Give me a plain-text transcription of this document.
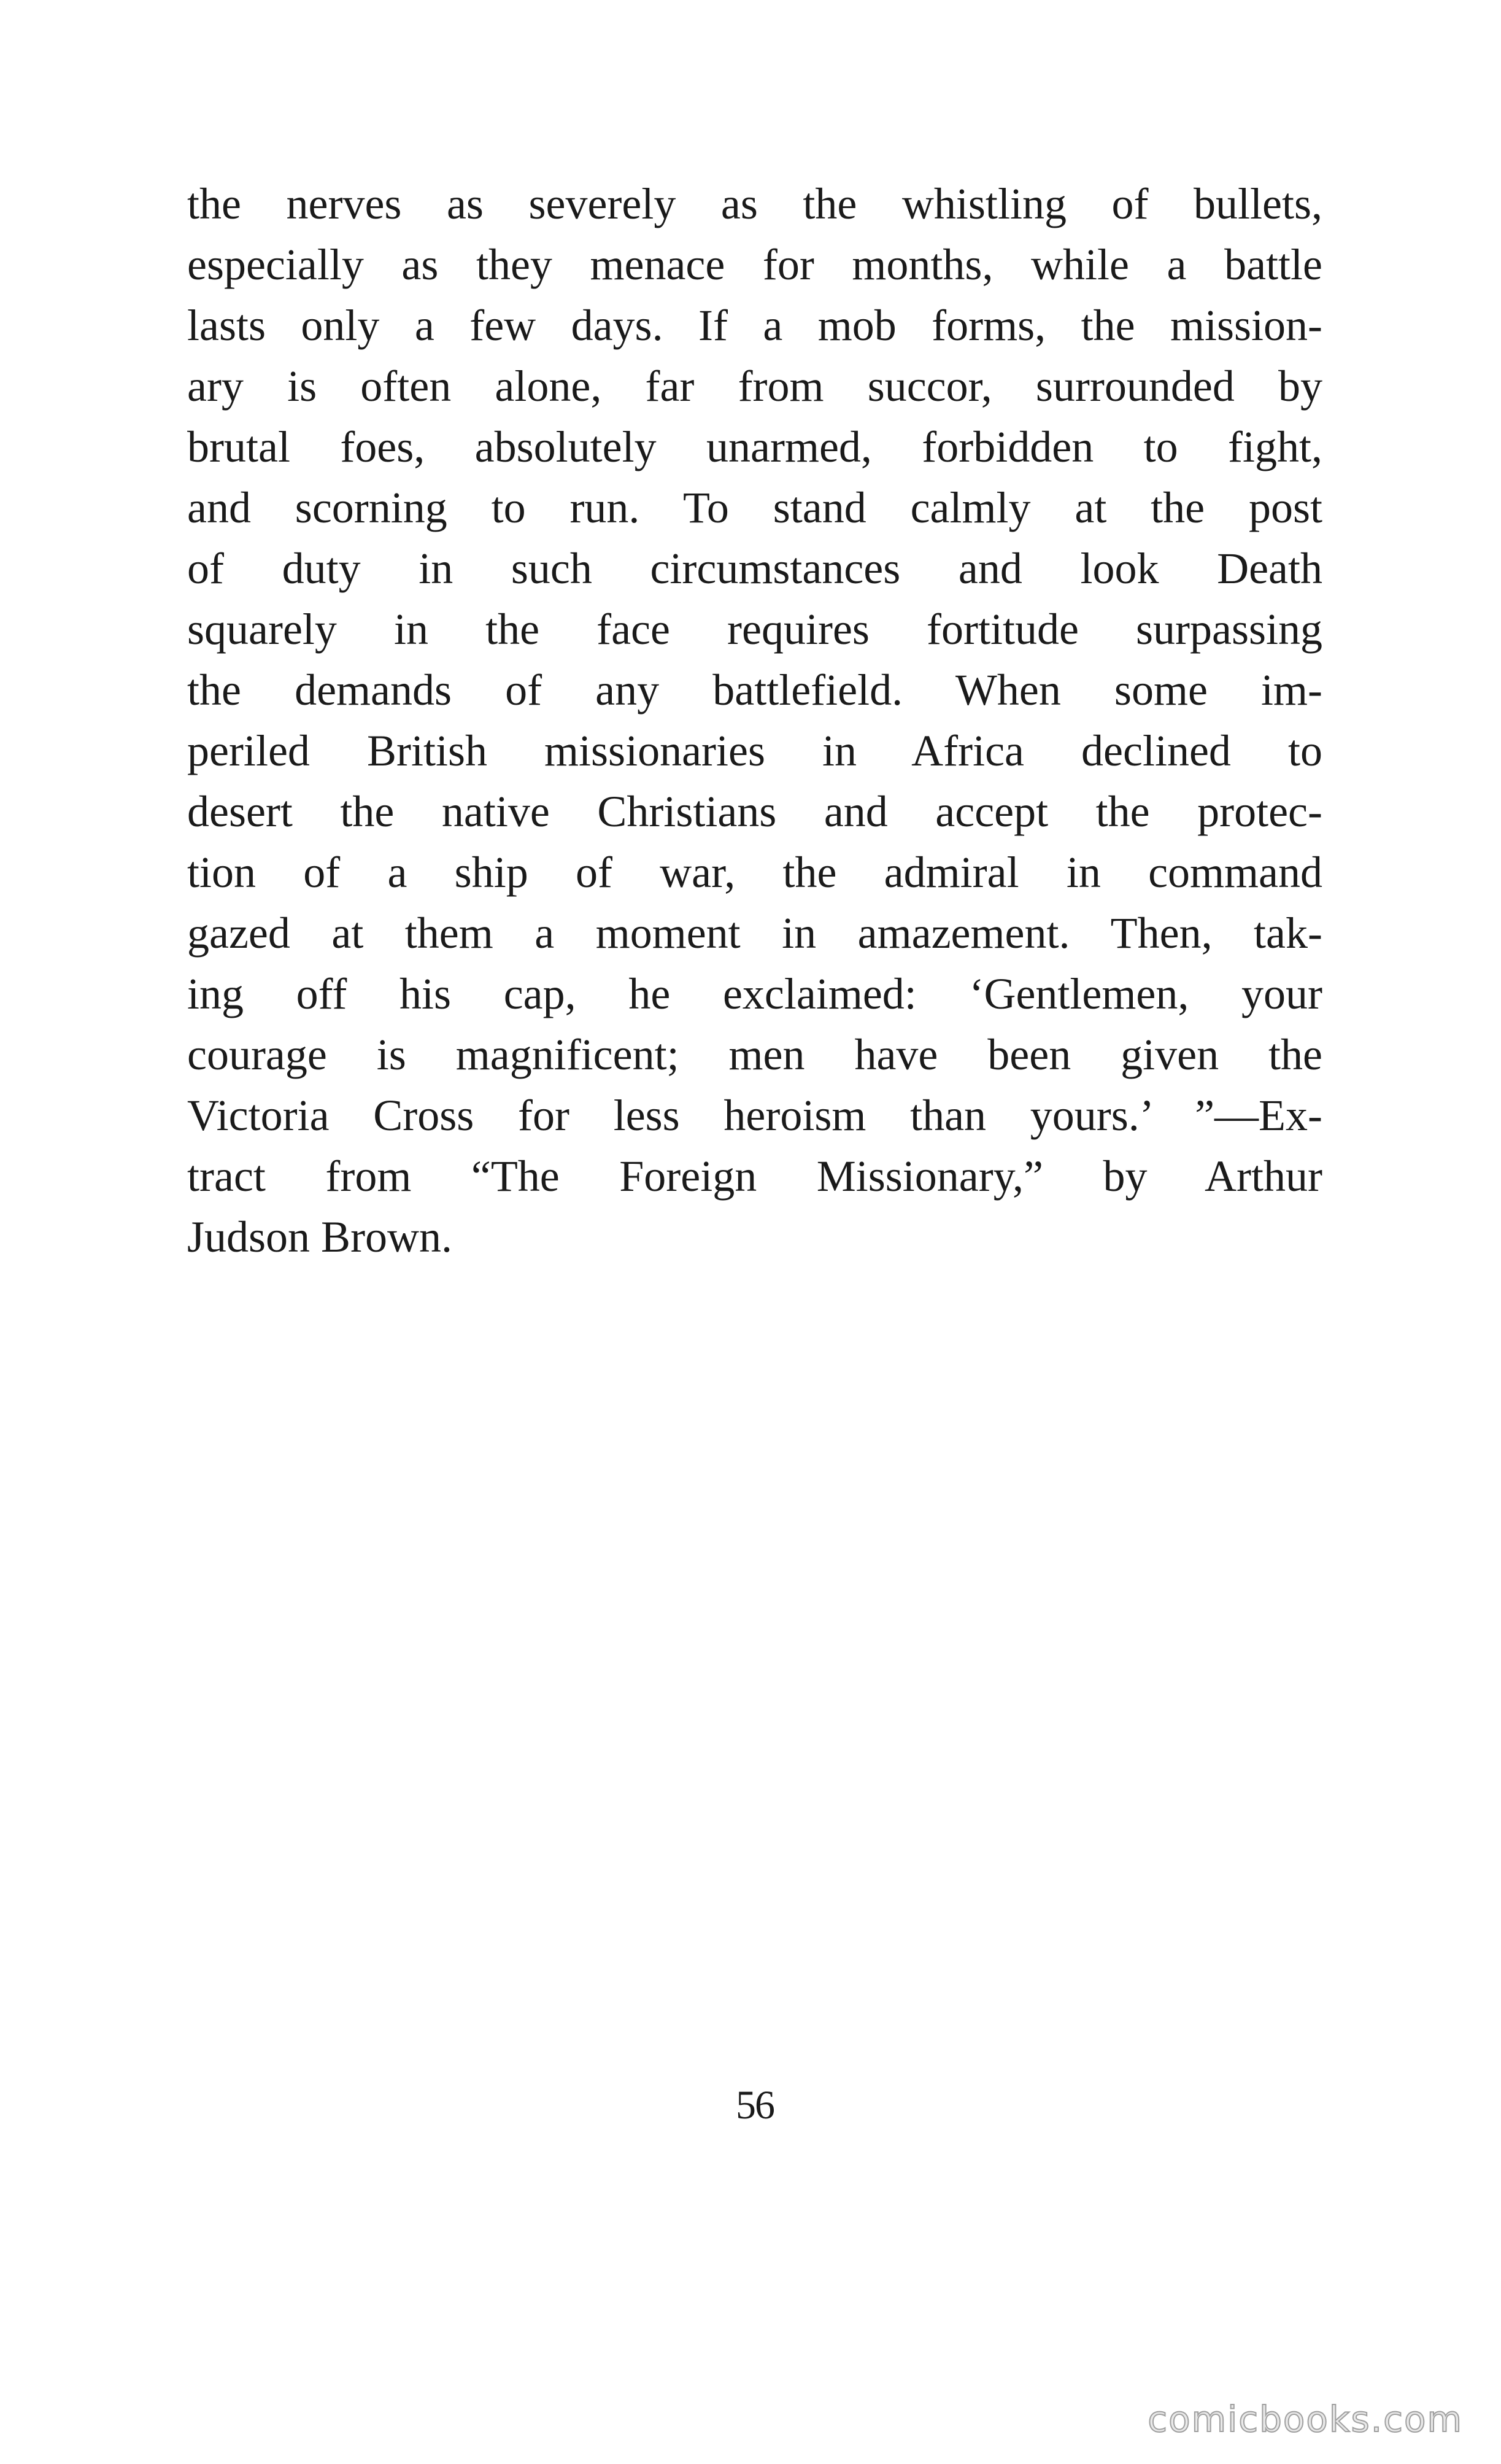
the nerves as severely as the whistling of bullets,
especially as they menace for months, while a battle
lasts only a few days. If a mob forms, the mission-
ary is often alone, far from succor, surrounded by
brutal foes, absolutely unarmed, forbidden to fight,
and scorning to run. To stand calmly at the post
of duty in such circumstances and look Death
squarely in the face requires fortitude surpassing
the demands of any battlefield. When some im-
periled British missionaries in Africa declined to
desert the native Christians and accept the protec-
tion of a ship of war, the admiral in command
gazed at them a moment in amazement. Then, tak-
ing off his cap, he exclaimed: ‘Gentlemen, your
courage is magnificent; men have been given the
Victoria Cross for less heroism than yours.’ ”—Ex-
tract from “The Foreign Missionary,” by Arthur
Judson Brown.
56
comicbooks.com
